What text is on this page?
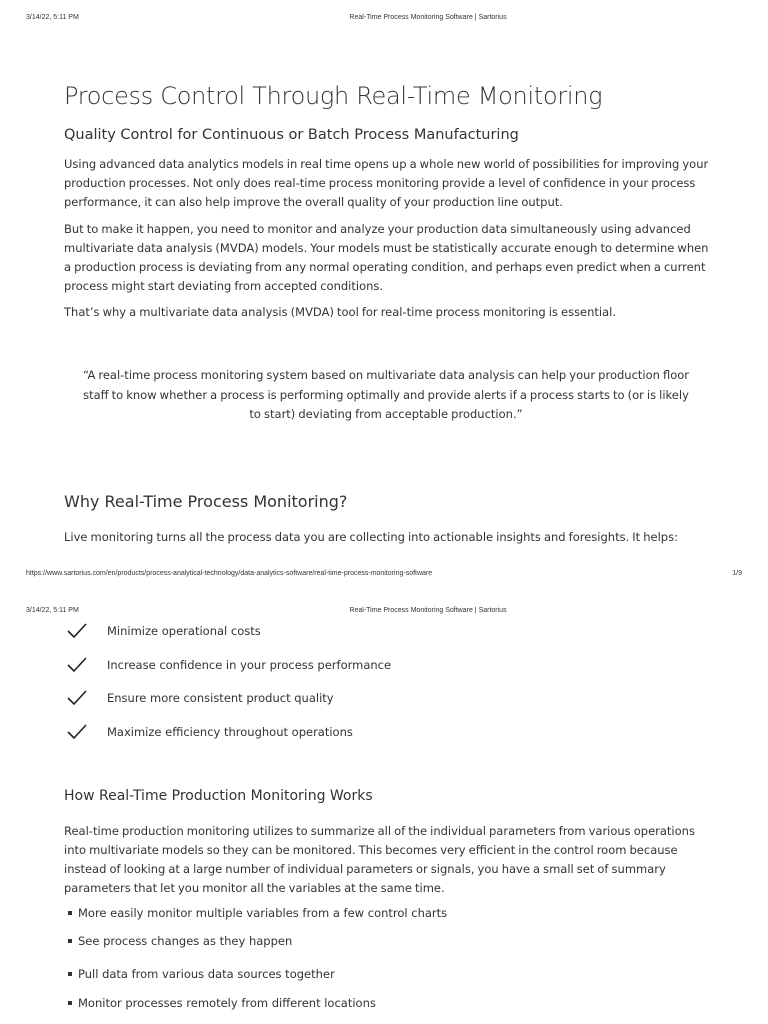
3/14/22, 5:11 PM	Real-Time Process Monitoring Software | Sartorius
Process Control Through Real-Time Monitoring
Quality Control for Continuous or Batch Process Manufacturing
Using advanced data analytics models in real time opens up a whole new world of possibilities for improving your production processes. Not only does real-time process monitoring provide a level of confidence in your process performance, it can also help improve the overall quality of your production line output.
But to make it happen, you need to monitor and analyze your production data simultaneously using advanced multivariate data analysis (MVDA) models. Your models must be statistically accurate enough to determine when a production process is deviating from any normal operating condition, and perhaps even predict when a current process might start deviating from accepted conditions.
That’s why a multivariate data analysis (MVDA) tool for real-time process monitoring is essential.
“A real-time process monitoring system based on multivariate data analysis can help your production floor staff to know whether a process is performing optimally and provide alerts if a process starts to (or is likely to start) deviating from acceptable production.”
Why Real-Time Process Monitoring?
Live monitoring turns all the process data you are collecting into actionable insights and foresights. It helps:
https://www.sartorius.com/en/products/process-analytical-technology/data-analytics-software/real-time-process-monitoring-software	1/9
3/14/22, 5:11 PM	Real-Time Process Monitoring Software | Sartorius
Minimize operational costs
Increase confidence in your process performance
Ensure more consistent product quality
Maximize efficiency throughout operations
How Real-Time Production Monitoring Works
Real-time production monitoring utilizes to summarize all of the individual parameters from various operations into multivariate models so they can be monitored. This becomes very efficient in the control room because instead of looking at a large number of individual parameters or signals, you have a small set of summary parameters that let you monitor all the variables at the same time.
More easily monitor multiple variables from a few control charts
See process changes as they happen
Pull data from various data sources together
Monitor processes remotely from different locations
